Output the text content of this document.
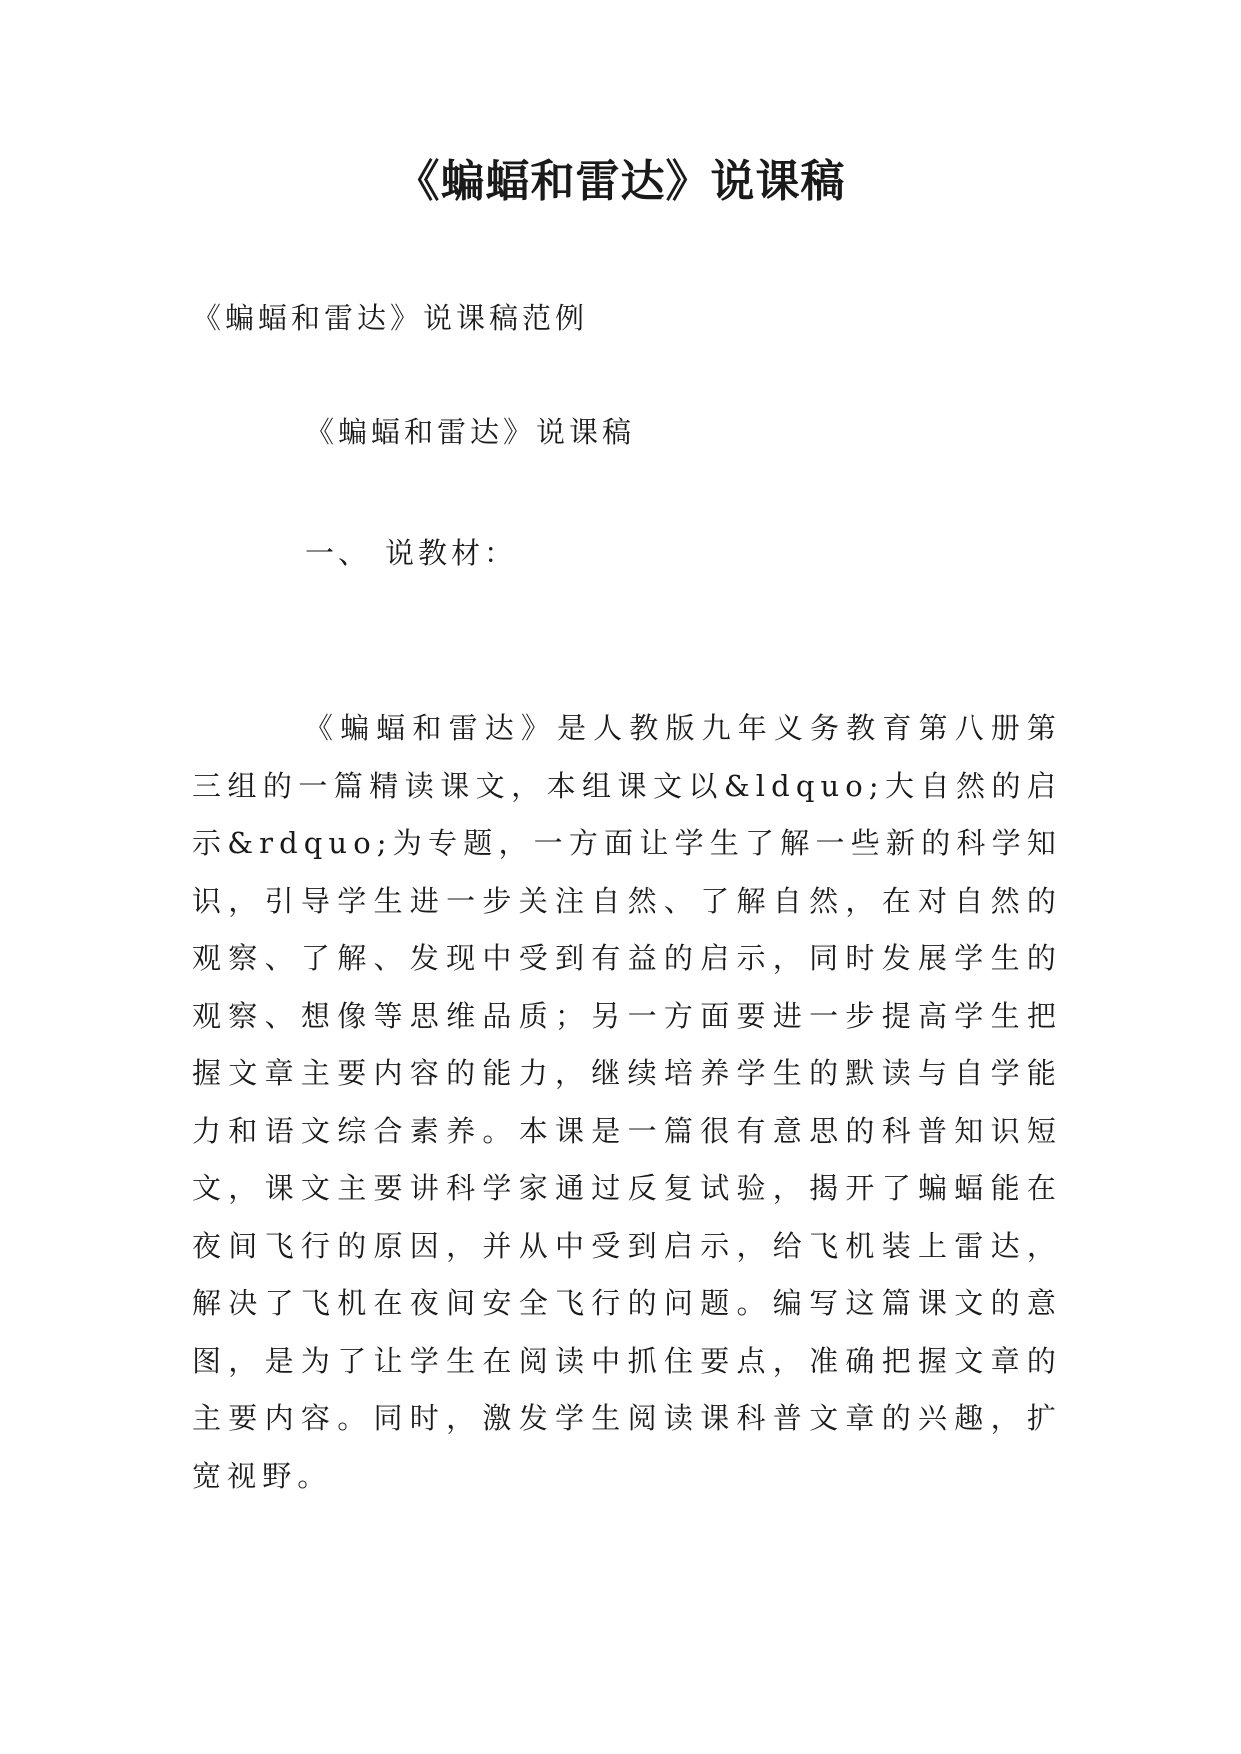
《蝙蝠和雷达》说课稿

《蝙蝠和雷达》说课稿范例

《蝙蝠和雷达》说课稿

一、 说教材：

《蝙蝠和雷达》是人教版九年义务教育第八册第三组的一篇精读课文，本组课文以&ldquo;大自然的启示&rdquo;为专题，一方面让学生了解一些新的科学知识，引导学生进一步关注自然、了解自然，在对自然的观察、了解、发现中受到有益的启示，同时发展学生的观察、想像等思维品质；另一方面要进一步提高学生把握文章主要内容的能力，继续培养学生的默读与自学能力和语文综合素养。本课是一篇很有意思的科普知识短文，课文主要讲科学家通过反复试验，揭开了蝙蝠能在夜间飞行的原因，并从中受到启示，给飞机装上雷达，解决了飞机在夜间安全飞行的问题。编写这篇课文的意图，是为了让学生在阅读中抓住要点，准确把握文章的主要内容。同时，激发学生阅读课科普文章的兴趣，扩宽视野。
